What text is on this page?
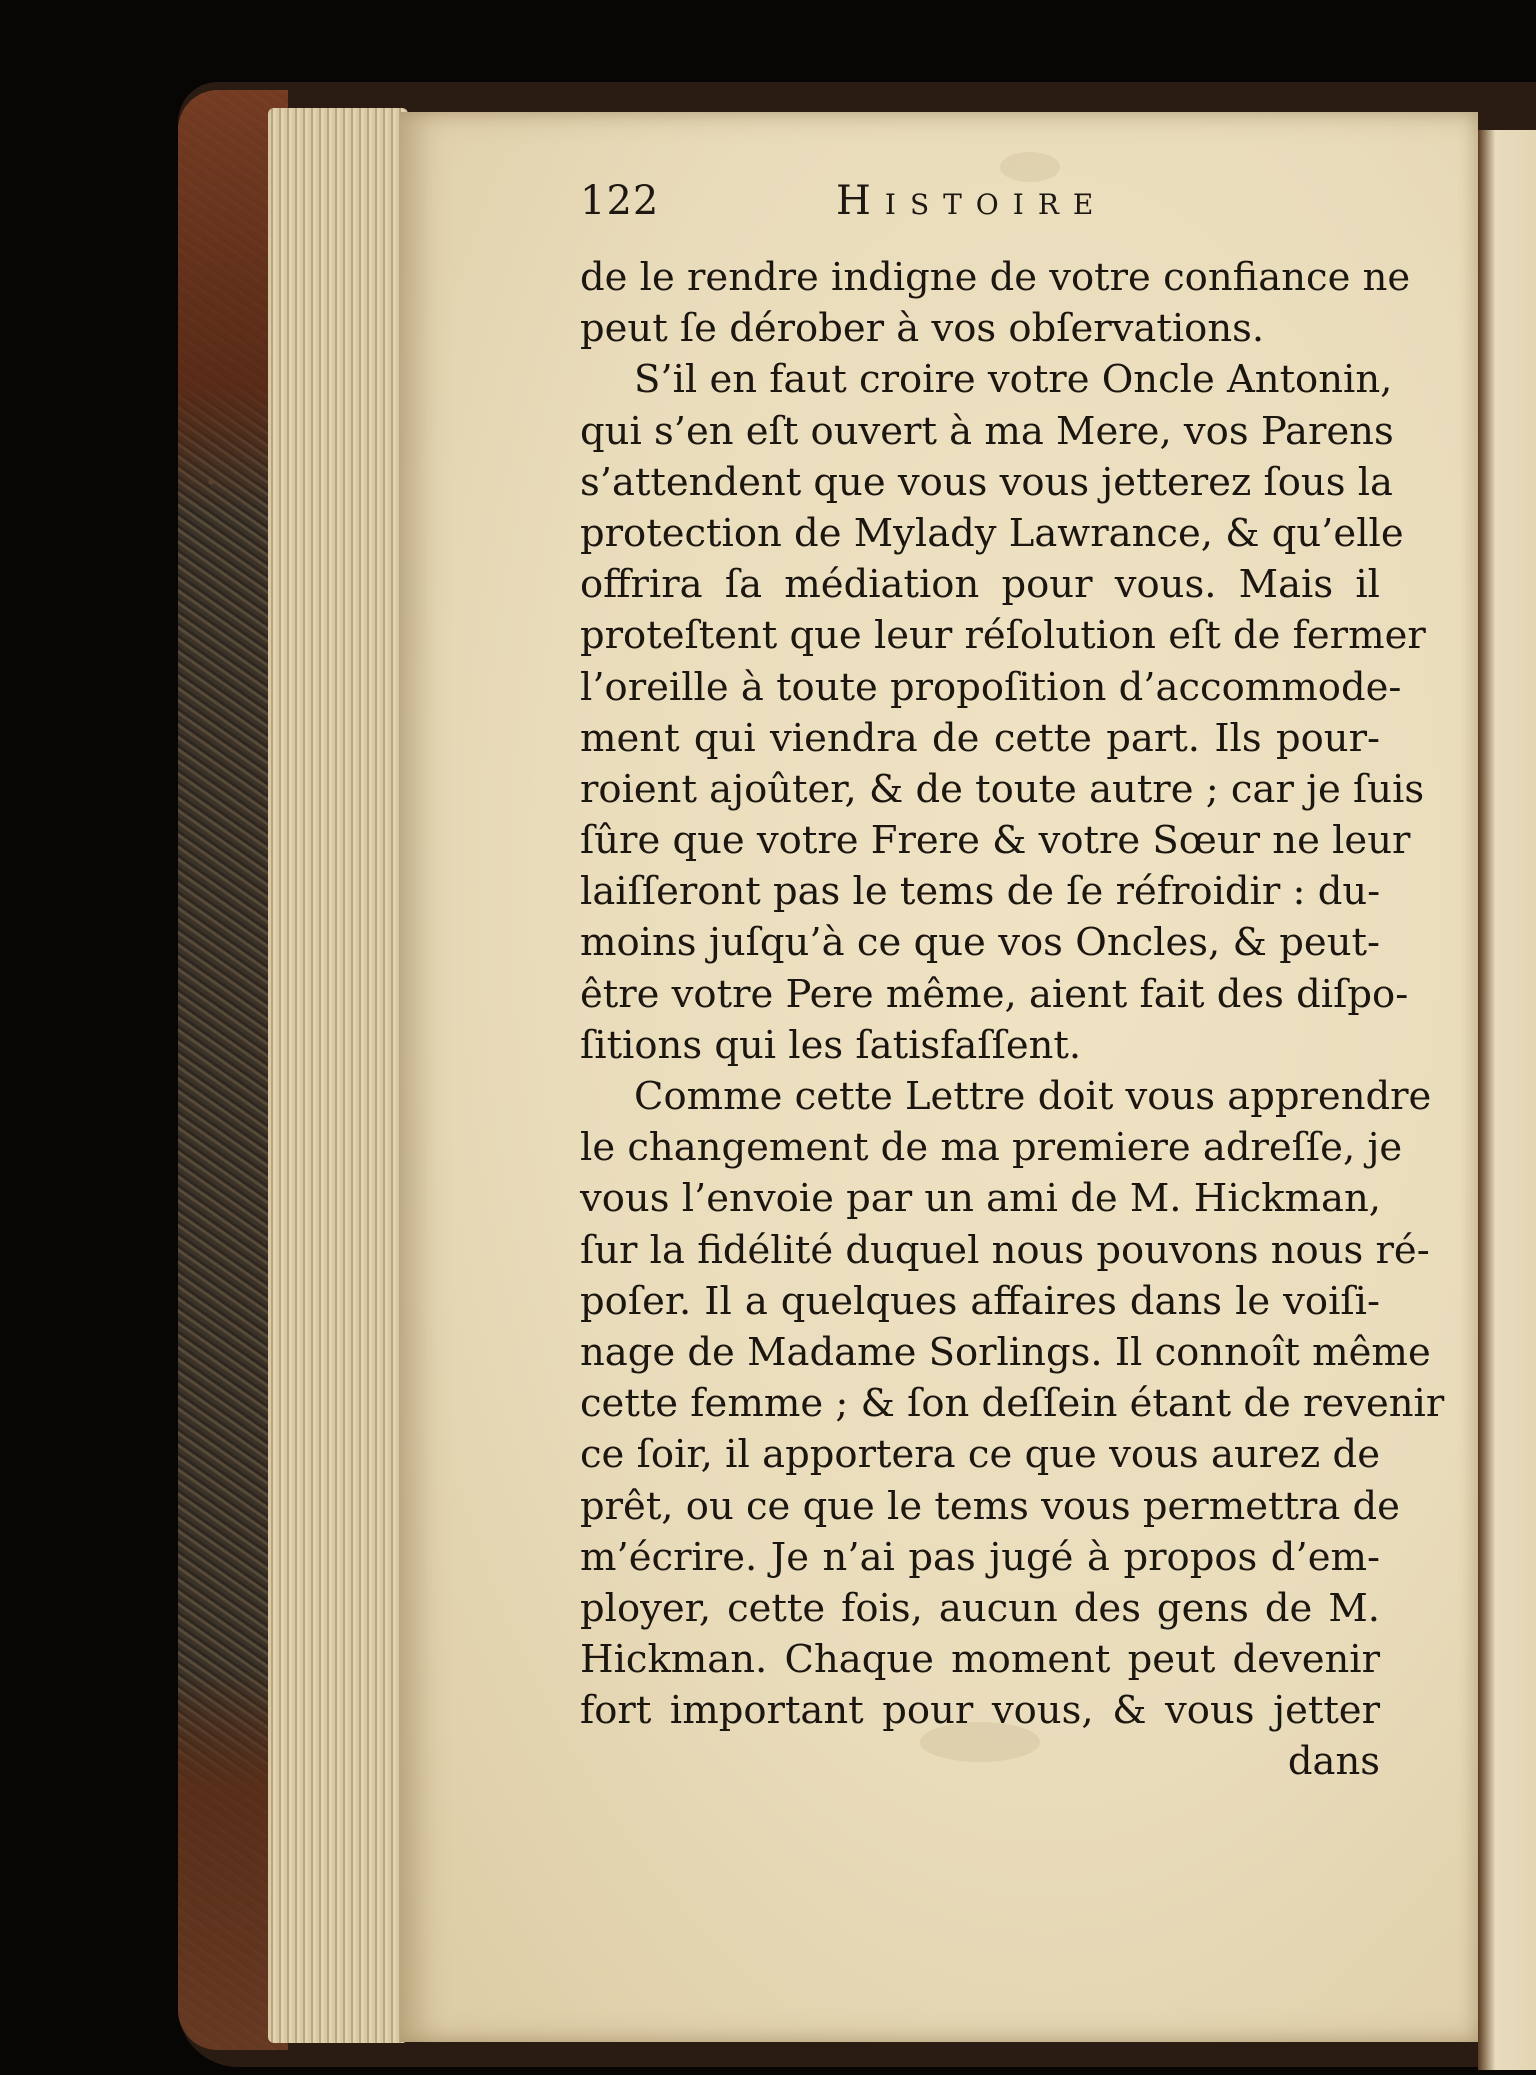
122	Histoire
de le rendre indigne de votre confiance ne
peut ſe dérober à vos obſervations.
S’il en faut croire votre Oncle Antonin,
qui s’en eſt ouvert à ma Mere, vos Parens
s’attendent que vous vous jetterez ſous la
protection de Mylady Lawrance, & qu’elle
offrira ſa médiation pour vous. Mais il
proteſtent que leur réſolution eſt de fermer
l’oreille à toute propoſition d’accommode-
ment qui viendra de cette part. Ils pour-
roient ajoûter, & de toute autre ; car je ſuis
ſûre que votre Frere & votre Sœur ne leur
laiſſeront pas le tems de ſe réfroidir : du-
moins juſqu’à ce que vos Oncles, & peut-
être votre Pere même, aient fait des diſpo-
ſitions qui les ſatisfaſſent.
Comme cette Lettre doit vous apprendre
le changement de ma premiere adreſſe, je
vous l’envoie par un ami de M. Hickman,
ſur la fidélité duquel nous pouvons nous ré-
poſer. Il a quelques affaires dans le voiſi-
nage de Madame Sorlings. Il connoît même
cette femme ; & ſon deſſein étant de revenir
ce ſoir, il apportera ce que vous aurez de
prêt, ou ce que le tems vous permettra de
m’écrire. Je n’ai pas jugé à propos d’em-
ployer, cette fois, aucun des gens de M.
Hickman. Chaque moment peut devenir
fort important pour vous, & vous jetter
dans
